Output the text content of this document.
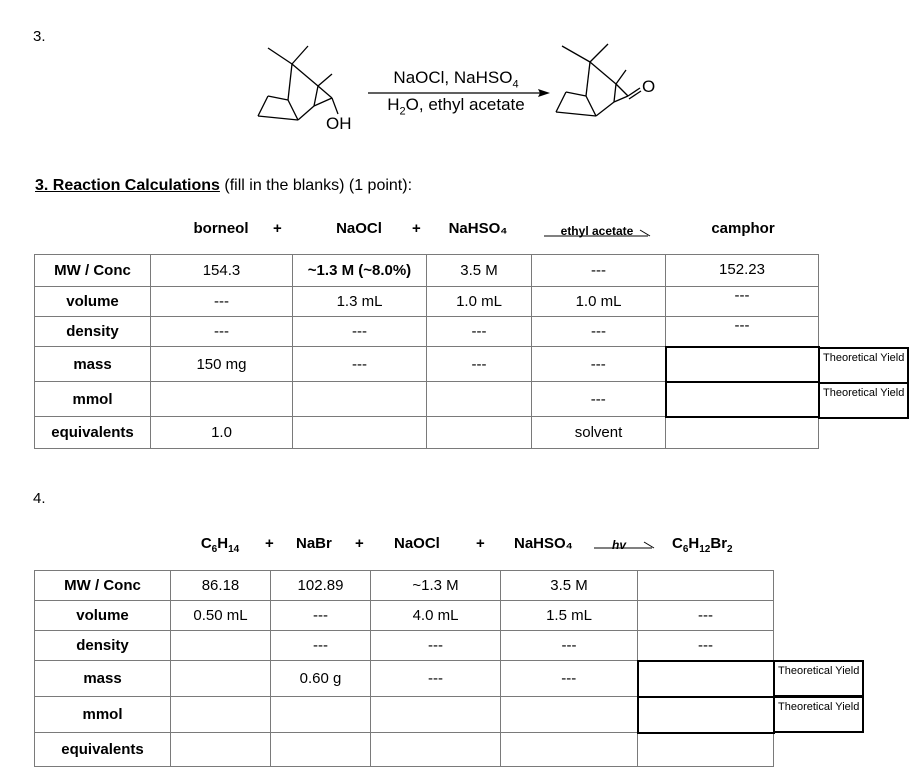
3.
OH
NaOCl, NaHSO$_4$
$H_2O$, ethyl acetate
O
3. Reaction Calculations (fill in the blanks) (1 point):
borneol	+	NaOCl	+	NaHSO₄	ethyl acetate	camphor
MW / Conc	154.3	~1.3 M (~8.0%)	3.5 M	---	152.23
volume	---	1.3 mL	1.0 mL	1.0 mL	---
density	---	---	---	---	---
mass	150 mg	---	---	---	
mmol				---	
equivalents	1.0			solvent	
Theoretical Yield
Theoretical Yield
4.
$C_6H_{14}$	+ NaBr + NaOCl + NaHSO₄	hv	$C_6H_{12}Br_2$
MW / Conc	86.18	102.89	~1.3 M	3.5 M	
volume	0.50 mL	---	4.0 mL	1.5 mL	---
density		---	---	---	---
mass		0.60 g	---	---	
mmol					
equivalents					
Theoretical Yield
Theoretical Yield
